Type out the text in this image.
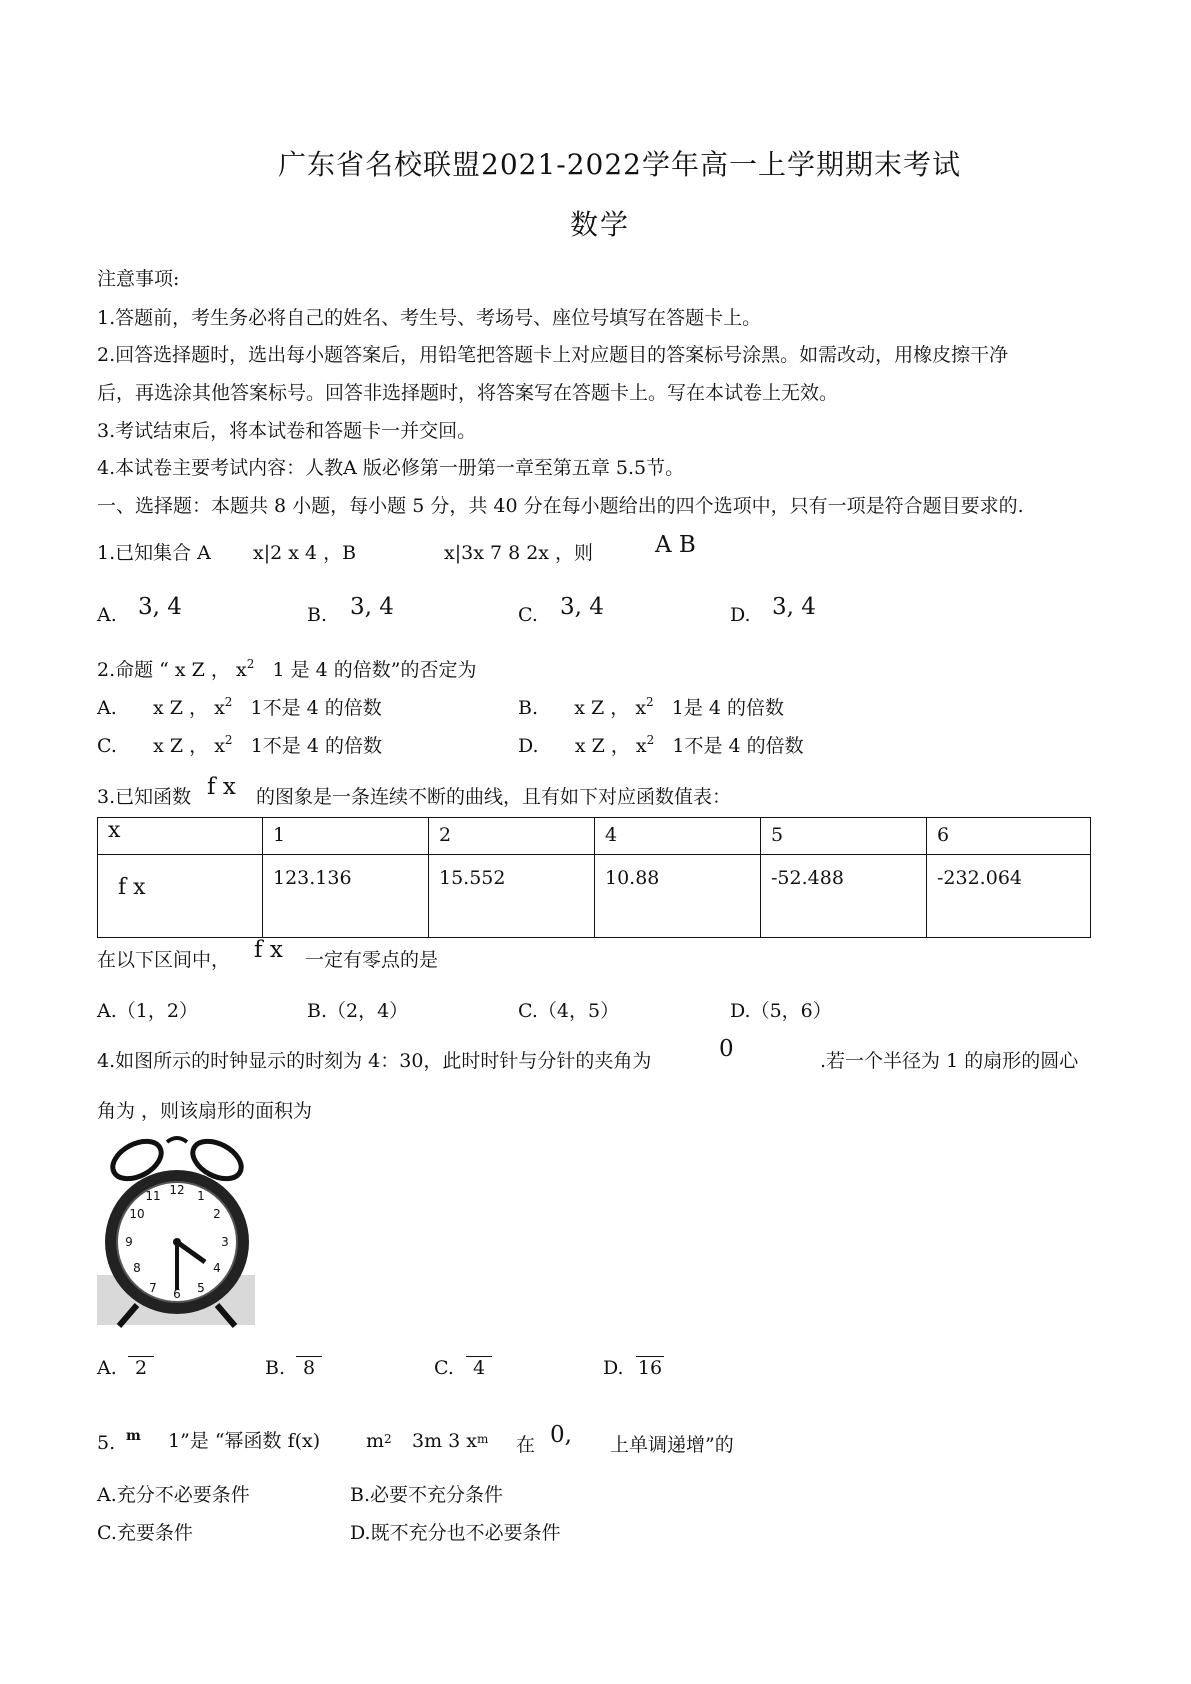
广东省名校联盟2021-2022学年高一上学期期末考试
数学
注意事项:
1.答题前，考生务必将自己的姓名、考生号、考场号、座位号填写在答题卡上。
2.回答选择题时，选出每小题答案后，用铅笔把答题卡上对应题目的答案标号涂黑。如需改动，用橡皮擦干净
后，再选涂其他答案标号。回答非选择题时，将答案写在答题卡上。写在本试卷上无效。
3.考试结束后，将本试卷和答题卡一并交回。
4.本试卷主要考试内容：人教A 版必修第一册第一章至第五章 5.5节。
一、选择题：本题共 8 小题，每小题 5 分，共 40 分在每小题给出的四个选项中，只有一项是符合题目要求的.
1.已知集合 A x|2 x 4 ，B	x|3x 7 8 2x ，则	A B
A. 3, 4	B. 3, 4	C. 3, 4	D. 3, 4
2.命题 “ x Z ， $x^2$ 1 是 4 的倍数”的否定为
A. x Z ， $x^2$ 1不是 4 的倍数	B. x Z ， $x^2$ 1是 4 的倍数
C. x Z ， $x^2$ 1不是 4 的倍数	D. x Z ， $x^2$ 1不是 4 的倍数
3.已知函数 f x 的图象是一条连续不断的曲线，且有如下对应函数值表：
x	1	2	4	5	6
f x	123.136	15.552	10.88	-52.488	-232.064
在以下区间中， f x 一定有零点的是
A.（1，2）	B.（2，4）	C.（4，5）	D.（5，6）
4.如图所示的时钟显示的时刻为 4：30，此时时针与分针的夹角为	0	.若一个半径为 1 的扇形的圆心
角为 ，则该扇形的面积为
12 1
2
3
4
5
6
7
8
9
10
11
A. 2	B. 8	C.	4	D. 16
5. m 1”是 “幂函数 f(x) $m^2$ 3m 3 $x^m$ 在 0, 上单调递增”的
A.充分不必要条件	B.必要不充分条件
C.充要条件	D.既不充分也不必要条件
